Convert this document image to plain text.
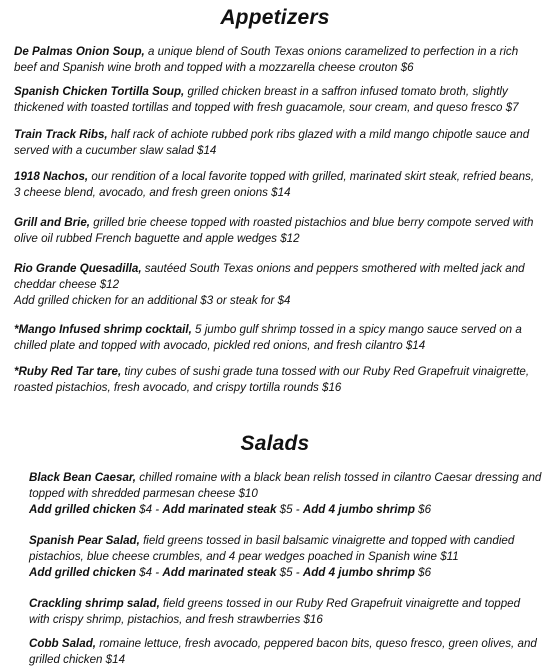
Appetizers

De Palmas Onion Soup, a unique blend of South Texas onions caramelized to perfection in a rich beef and Spanish wine broth and topped with a mozzarella cheese crouton $6

Spanish Chicken Tortilla Soup, grilled chicken breast in a saffron infused tomato broth, slightly thickened with toasted tortillas and topped with fresh guacamole, sour cream, and queso fresco $7

Train Track Ribs, half rack of achiote rubbed pork ribs glazed with a mild mango chipotle sauce and served with a cucumber slaw salad $14

1918 Nachos, our rendition of a local favorite topped with grilled, marinated skirt steak, refried beans, 3 cheese blend, avocado, and fresh green onions $14

Grill and Brie, grilled brie cheese topped with roasted pistachios and blue berry compote served with olive oil rubbed French baguette and apple wedges $12

Rio Grande Quesadilla, sautéed South Texas onions and peppers smothered with melted jack and cheddar cheese $12
Add grilled chicken for an additional $3 or steak for $4

*Mango Infused shrimp cocktail, 5 jumbo gulf shrimp tossed in a spicy mango sauce served on a chilled plate and topped with avocado, pickled red onions, and fresh cilantro $14

*Ruby Red Tar tare, tiny cubes of sushi grade tuna tossed with our Ruby Red Grapefruit vinaigrette, roasted pistachios, fresh avocado, and crispy tortilla rounds $16

Salads

Black Bean Caesar, chilled romaine with a black bean relish tossed in cilantro Caesar dressing and topped with shredded parmesan cheese $10
Add grilled chicken $4 - Add marinated steak $5 - Add 4 jumbo shrimp $6

Spanish Pear Salad, field greens tossed in basil balsamic vinaigrette and topped with candied pistachios, blue cheese crumbles, and 4 pear wedges poached in Spanish wine $11
Add grilled chicken $4 - Add marinated steak $5 - Add 4 jumbo shrimp $6

Crackling shrimp salad, field greens tossed in our Ruby Red Grapefruit vinaigrette and topped with crispy shrimp, pistachios, and fresh strawberries $16

Cobb Salad, romaine lettuce, fresh avocado, peppered bacon bits, queso fresco, green olives, and grilled chicken $14
